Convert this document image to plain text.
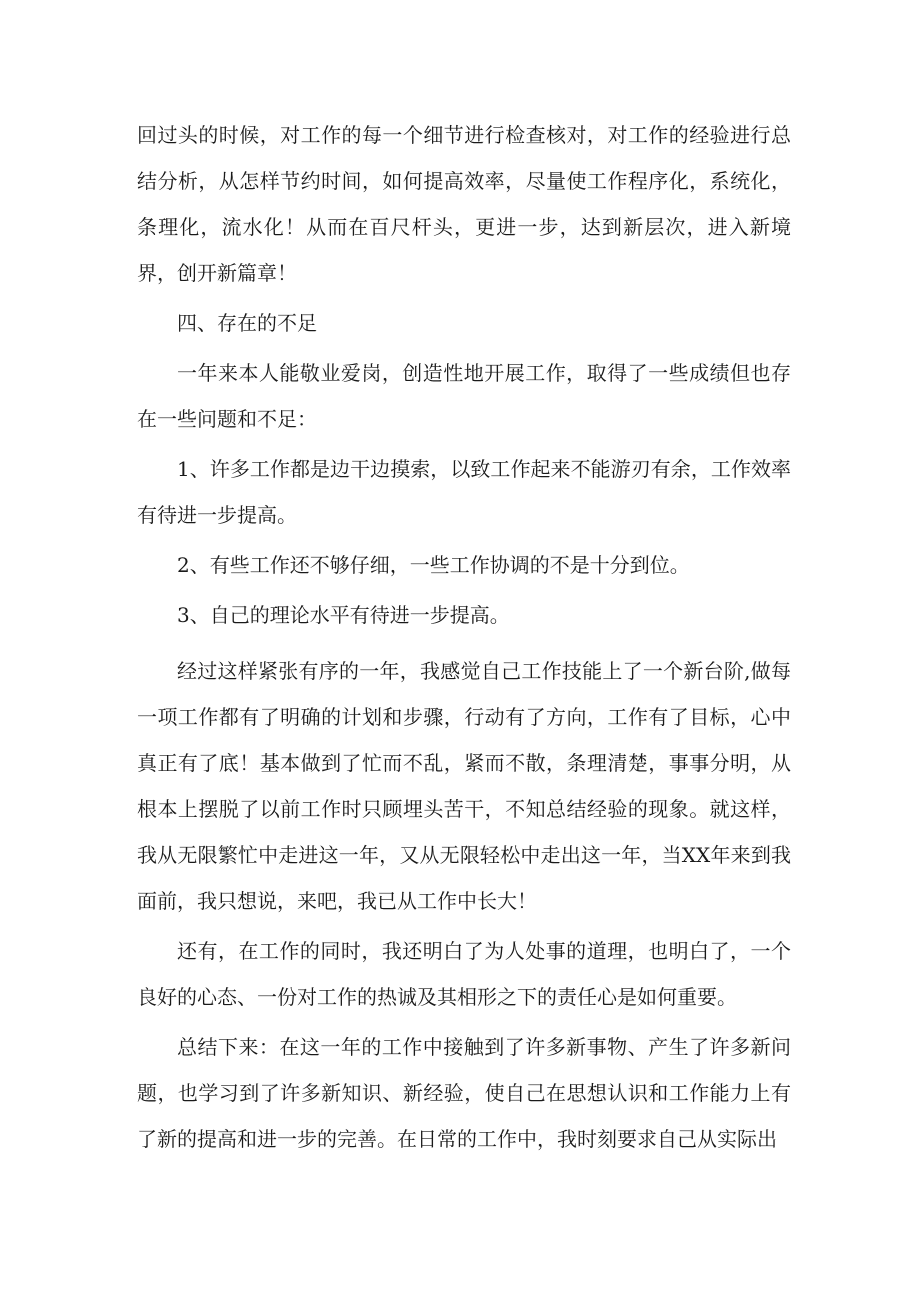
回过头的时候，对工作的每一个细节进行检查核对，对工作的经验进行总结分析，从怎样节约时间，如何提高效率，尽量使工作程序化，系统化，条理化，流水化！从而在百尺杆头，更进一步，达到新层次，进入新境界，创开新篇章！

四、存在的不足

一年来本人能敬业爱岗，创造性地开展工作，取得了一些成绩但也存在一些问题和不足：

1、许多工作都是边干边摸索，以致工作起来不能游刃有余，工作效率有待进一步提高。

2、有些工作还不够仔细，一些工作协调的不是十分到位。

3、自己的理论水平有待进一步提高。

经过这样紧张有序的一年，我感觉自己工作技能上了一个新台阶,做每一项工作都有了明确的计划和步骤，行动有了方向，工作有了目标，心中真正有了底！基本做到了忙而不乱，紧而不散，条理清楚，事事分明，从根本上摆脱了以前工作时只顾埋头苦干，不知总结经验的现象。就这样，我从无限繁忙中走进这一年，又从无限轻松中走出这一年，当XX年来到我面前，我只想说，来吧，我已从工作中长大！

还有，在工作的同时，我还明白了为人处事的道理，也明白了，一个良好的心态、一份对工作的热诚及其相形之下的责任心是如何重要。

总结下来：在这一年的工作中接触到了许多新事物、产生了许多新问题，也学习到了许多新知识、新经验，使自己在思想认识和工作能力上有了新的提高和进一步的完善。在日常的工作中，我时刻要求自己从实际出
